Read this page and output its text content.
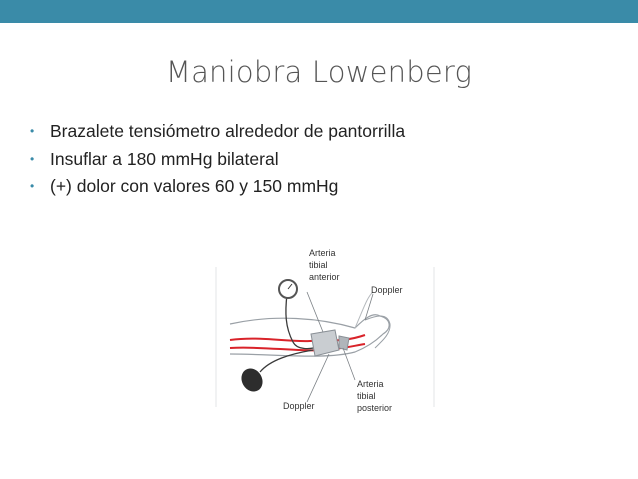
Maniobra Lowenberg
• Brazalete tensiómetro alrededor de pantorrilla
• Insuflar a 180 mmHg bilateral
• (+) dolor con valores 60 y 150 mmHg
Arteria
tibial
anterior
Doppler
Arteria
tibial
posterior
Doppler
